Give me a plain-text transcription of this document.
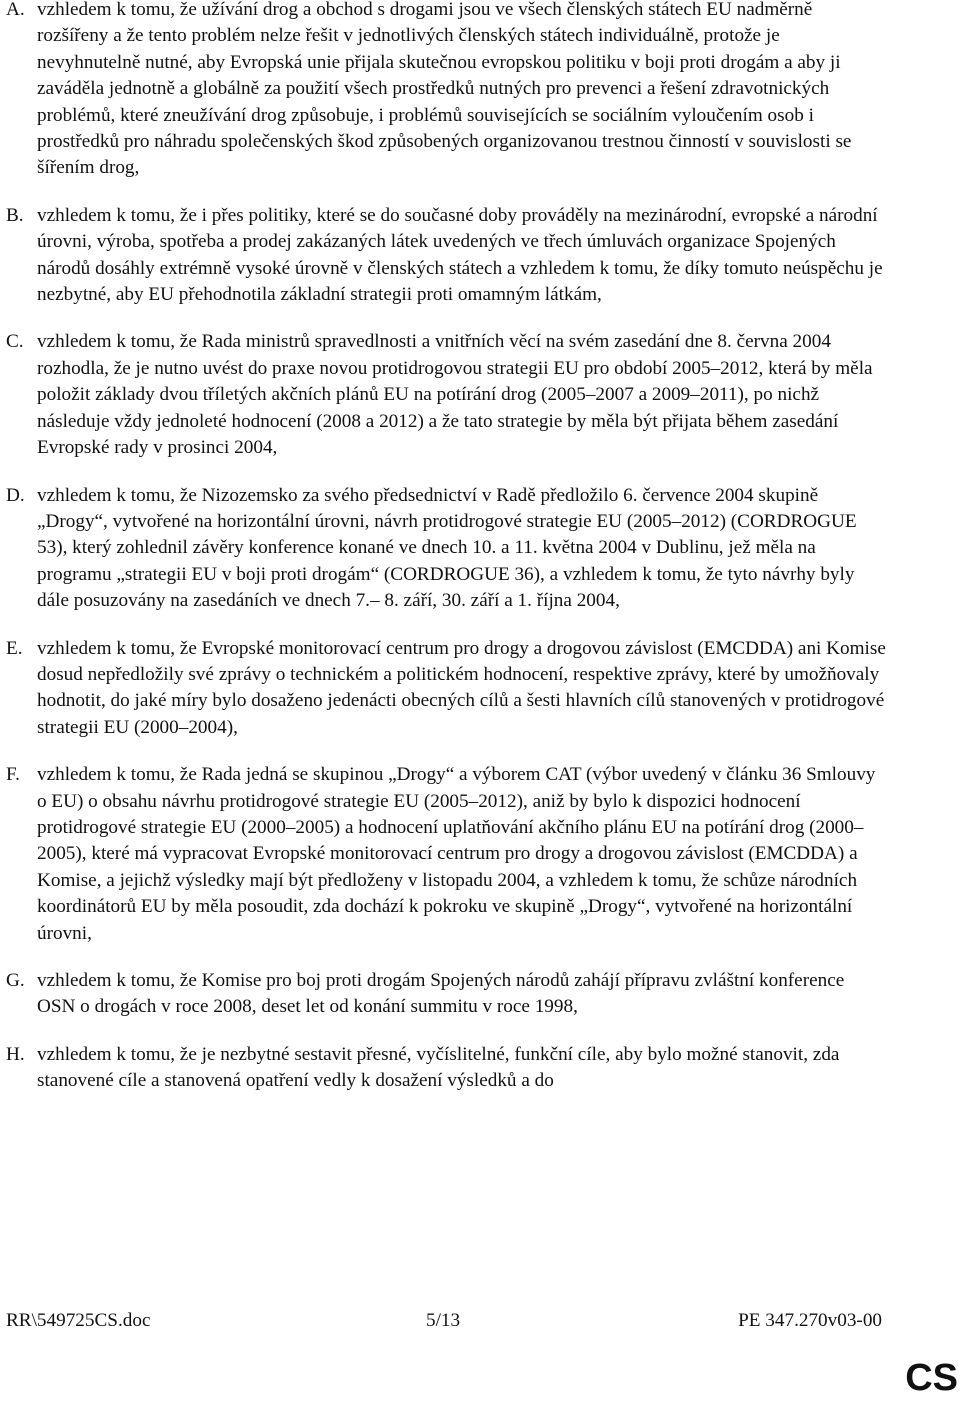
A. vzhledem k tomu, že užívání drog a obchod s drogami jsou ve všech členských státech EU nadměrně rozšířeny a že tento problém nelze řešit v jednotlivých členských státech individuálně, protože je nevyhnutelně nutné, aby Evropská unie přijala skutečnou evropskou politiku v boji proti drogám a aby ji zaváděla jednotně a globálně za použití všech prostředků nutných pro prevenci a řešení zdravotnických problémů, které zneužívání drog způsobuje, i problémů souvisejících se sociálním vyloučením osob i prostředků pro náhradu společenských škod způsobených organizovanou trestnou činností v souvislosti se šířením drog,
B. vzhledem k tomu, že i přes politiky, které se do současné doby prováděly na mezinárodní, evropské a národní úrovni, výroba, spotřeba a prodej zakázaných látek uvedených ve třech úmluvách organizace Spojených národů dosáhly extrémně vysoké úrovně v členských státech a vzhledem k tomu, že díky tomuto neúspěchu je nezbytné, aby EU přehodnotila základní strategii proti omamným látkám,
C. vzhledem k tomu, že Rada ministrů spravedlnosti a vnitřních věcí na svém zasedání dne 8. června 2004 rozhodla, že je nutno uvést do praxe novou protidrogovou strategii EU pro období 2005–2012, která by měla položit základy dvou tříletých akčních plánů EU na potírání drog (2005–2007 a 2009–2011), po nichž následuje vždy jednoleté hodnocení (2008 a 2012) a že tato strategie by měla být přijata během zasedání Evropské rady v prosinci 2004,
D. vzhledem k tomu, že Nizozemsko za svého předsednictví v Radě předložilo 6. července 2004 skupině „Drogy“, vytvořené na horizontální úrovni, návrh protidrogové strategie EU (2005–2012) (CORDROGUE 53), který zohlednil závěry konference konané ve dnech 10. a 11. května 2004 v Dublinu, jež měla na programu „strategii EU v boji proti drogám“ (CORDROGUE 36), a vzhledem k tomu, že tyto návrhy byly dále posuzovány na zasedáních ve dnech 7.– 8. září, 30. září a 1. října 2004,
E. vzhledem k tomu, že Evropské monitorovací centrum pro drogy a drogovou závislost (EMCDDA) ani Komise dosud nepředložily své zprávy o technickém a politickém hodnocení, respektive zprávy, které by umožňovaly hodnotit, do jaké míry bylo dosaženo jedenácti obecných cílů a šesti hlavních cílů stanovených v protidrogové strategii EU (2000–2004),
F. vzhledem k tomu, že Rada jedná se skupinou „Drogy“ a výborem CAT (výbor uvedený v článku 36 Smlouvy o EU) o obsahu návrhu protidrogové strategie EU (2005–2012), aniž by bylo k dispozici hodnocení protidrogové strategie EU (2000–2005) a hodnocení uplatňování akčního plánu EU na potírání drog (2000–2005), které má vypracovat Evropské monitorovací centrum pro drogy a drogovou závislost (EMCDDA) a Komise, a jejichž výsledky mají být předloženy v listopadu 2004, a vzhledem k tomu, že schůze národních koordinátorů EU by měla posoudit, zda dochází k pokroku ve skupině „Drogy“, vytvořené na horizontální úrovni,
G. vzhledem k tomu, že Komise pro boj proti drogám Spojených národů zahájí přípravu zvláštní konference OSN o drogách v roce 2008, deset let od konání summitu v roce 1998,
H. vzhledem k tomu, že je nezbytné sestavit přesné, vyčíslitelné, funkční cíle, aby bylo možné stanovit, zda stanovené cíle a stanovená opatření vedly k dosažení výsledků a do
RR\549725CS.doc	5/13	PE 347.270v03-00
CS
